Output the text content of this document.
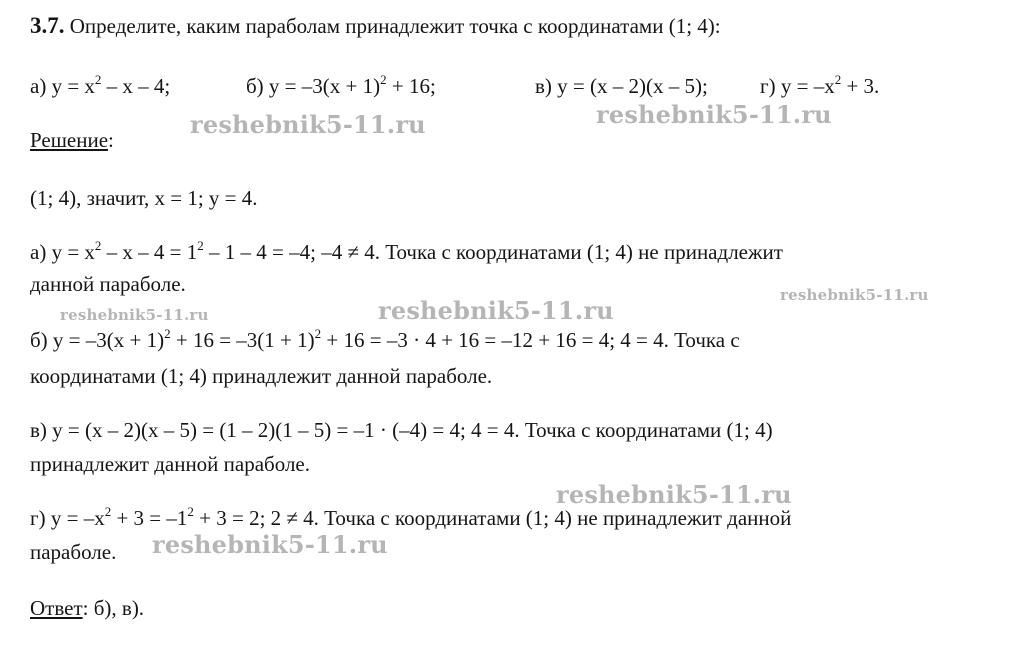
3.7. Определите, каким параболам принадлежит точка с координатами (1; 4):
а) $y = x^2 - x - 4$;	б) $y = -3(x + 1)^2 + 16$;	в) y = (x – 2)(x – 5); г) $y = -x^2 + 3$.
Решение:
(1; 4), значит, x = 1; y = 4.
а) $y = x^2 - x - 4 = 1^2 - 1 - 4 = -4$; –4 ≠ 4. Точка с координатами (1; 4) не принадлежит
данной параболе.
б) $y = -3(x + 1)^2 + 16 = -3(1 + 1)^2 + 16 = -3 \cdot 4 + 16 = -12 + 16 = 4$; 4 = 4. Точка с
координатами (1; 4) принадлежит данной параболе.
в) y = (x – 2)(x – 5) = (1 – 2)(1 – 5) = –1 · (–4) = 4; 4 = 4. Точка с координатами (1; 4)
принадлежит данной параболе.
г) $y = -x^2 + 3 = -1^2 + 3 = 2$; 2 ≠ 4. Точка с координатами (1; 4) не принадлежит данной
параболе.
Ответ: б), в).
reshebnik5-11.ru	reshebnik5-11.ru
reshebnik5-11.ru	reshebnik5-11.ru
reshebnik5-11.ru
reshebnik5-11.ru
reshebnik5-11.ru
